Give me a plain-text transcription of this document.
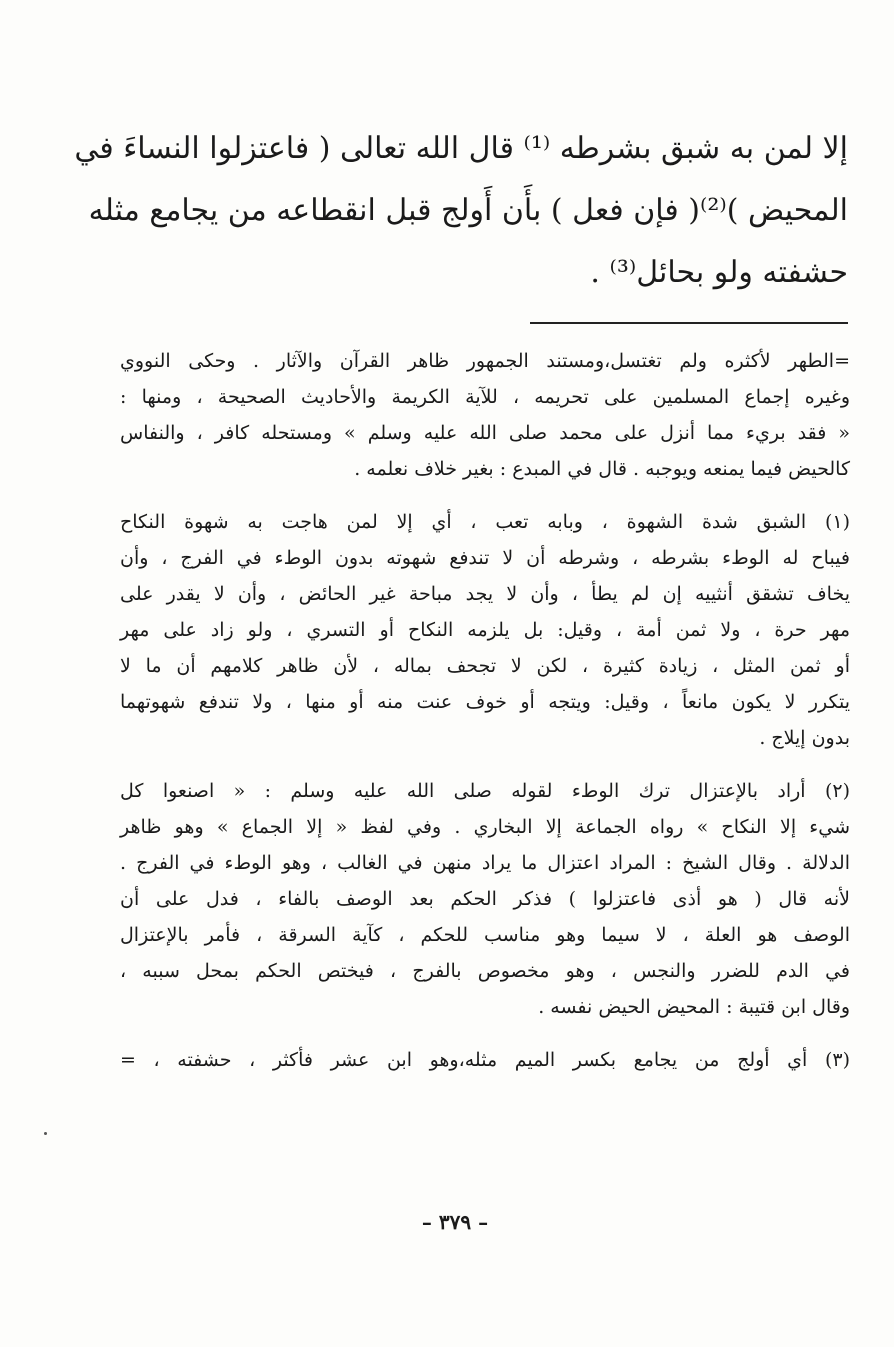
إلا لمن به شبق بشرطه ⁽¹⁾ قال الله تعالى ( فاعتزلوا النساءَ في
المحيض )⁽²⁾( فإن فعل ) بأَن أَولج قبل انقطاعه من يجامع مثله
حشفته ولو بحائل⁽³⁾ .
=الطهر لأكثره ولم تغتسل،ومستند الجمهور ظاهر القرآن والآثار . وحكى النووي
وغيره إجماع المسلمين على تحريمه ، للآية الكريمة والأحاديث الصحيحة ، ومنها :
« فقد بريء مما أنزل على محمد صلى الله عليه وسلم » ومستحله كافر ، والنفاس
كالحيض فيما يمنعه ويوجبه . قال في المبدع : بغير خلاف نعلمه .
(١) الشبق شدة الشهوة ، وبابه تعب ، أي إلا لمن هاجت به شهوة النكاح
فيباح له الوطء بشرطه ، وشرطه أن لا تندفع شهوته بدون الوطء في الفرج ، وأن
يخاف تشقق أنثييه إن لم يطأ ، وأن لا يجد مباحة غير الحائض ، وأن لا يقدر على
مهر حرة ، ولا ثمن أمة ، وقيل: بل يلزمه النكاح أو التسري ، ولو زاد على مهر
أو ثمن المثل ، زيادة كثيرة ، لكن لا تجحف بماله ، لأن ظاهر كلامهم أن ما لا
يتكرر لا يكون مانعاً ، وقيل: ويتجه أو خوف عنت منه أو منها ، ولا تندفع شهوتهما
بدون إيلاج .
(٢) أراد بالإعتزال ترك الوطء لقوله صلى الله عليه وسلم : « اصنعوا كل
شيء إلا النكاح » رواه الجماعة إلا البخاري . وفي لفظ « إلا الجماع » وهو ظاهر
الدلالة . وقال الشيخ : المراد اعتزال ما يراد منهن في الغالب ، وهو الوطء في الفرج .
لأنه قال ( هو أذى فاعتزلوا ) فذكر الحكم بعد الوصف بالفاء ، فدل على أن
الوصف هو العلة ، لا سيما وهو مناسب للحكم ، كآية السرقة ، فأمر بالإعتزال
في الدم للضرر والنجس ، وهو مخصوص بالفرج ، فيختص الحكم بمحل سببه ،
وقال ابن قتيبة : المحيض الحيض نفسه .
(٣) أي أولج من يجامع بكسر الميم مثله،وهو ابن عشر فأكثر ، حشفته ، =
– ٣٧٩ –
